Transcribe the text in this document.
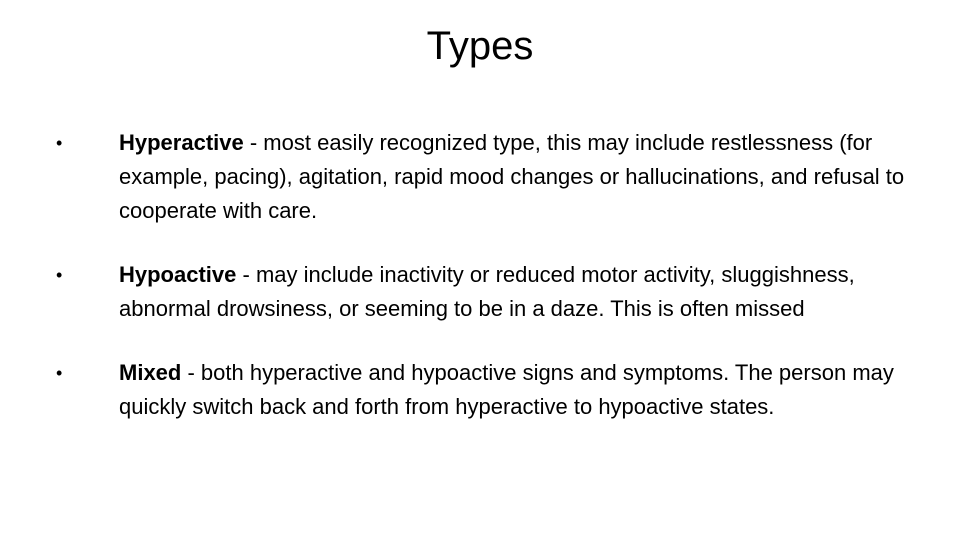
Types
•	Hyperactive - most easily recognized type, this may include restlessness (for example, pacing), agitation, rapid mood changes or hallucinations, and refusal to cooperate with care.
•	Hypoactive - may include inactivity or reduced motor activity, sluggishness, abnormal drowsiness, or seeming to be in a daze. This is often missed
•	Mixed - both hyperactive and hypoactive signs and symptoms. The person may quickly switch back and forth from hyperactive to hypoactive states.
